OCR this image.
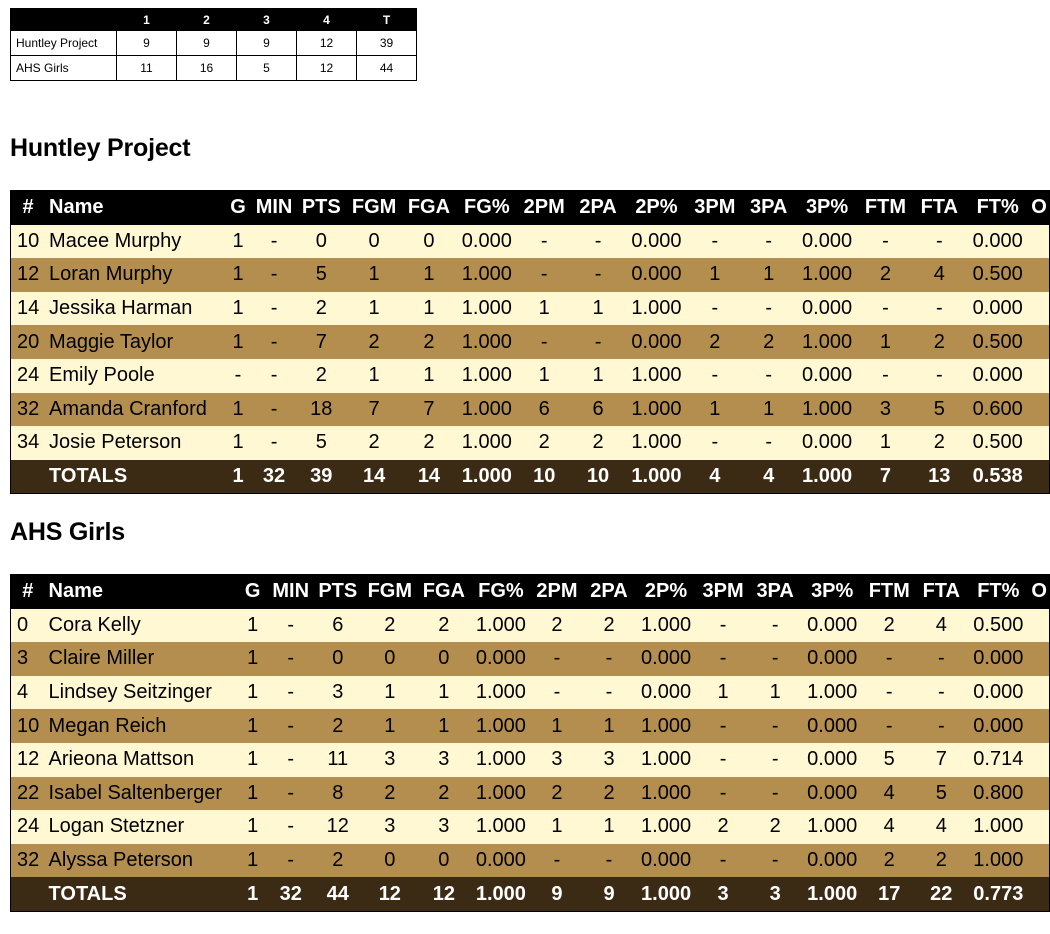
	1	2	3	4	T
Huntley Project	9	9	9	12	39
AHS Girls	11	16	5	12	44
Huntley Project
#	Name	G	MIN	PTS	FGM	FGA	FG%	2PM	2PA	2P%	3PM	3PA	3P%	FTM	FTA	FT%	O
10	Macee Murphy	1	-	0	0	0	0.000	-	-	0.000	-	-	0.000	-	-	0.000	
12	Loran Murphy	1	-	5	1	1	1.000	-	-	0.000	1	1	1.000	2	4	0.500	
14	Jessika Harman	1	-	2	1	1	1.000	1	1	1.000	-	-	0.000	-	-	0.000	
20	Maggie Taylor	1	-	7	2	2	1.000	-	-	0.000	2	2	1.000	1	2	0.500	
24	Emily Poole	-	-	2	1	1	1.000	1	1	1.000	-	-	0.000	-	-	0.000	
32	Amanda Cranford	1	-	18	7	7	1.000	6	6	1.000	1	1	1.000	3	5	0.600	
34	Josie Peterson	1	-	5	2	2	1.000	2	2	1.000	-	-	0.000	1	2	0.500	
	TOTALS	1	32	39	14	14	1.000	10	10	1.000	4	4	1.000	7	13	0.538	
AHS Girls
#	Name	G	MIN	PTS	FGM	FGA	FG%	2PM	2PA	2P%	3PM	3PA	3P%	FTM	FTA	FT%	O
0	Cora Kelly	1	-	6	2	2	1.000	2	2	1.000	-	-	0.000	2	4	0.500	
3	Claire Miller	1	-	0	0	0	0.000	-	-	0.000	-	-	0.000	-	-	0.000	
4	Lindsey Seitzinger	1	-	3	1	1	1.000	-	-	0.000	1	1	1.000	-	-	0.000	
10	Megan Reich	1	-	2	1	1	1.000	1	1	1.000	-	-	0.000	-	-	0.000	
12	Arieona Mattson	1	-	11	3	3	1.000	3	3	1.000	-	-	0.000	5	7	0.714	
22	Isabel Saltenberger	1	-	8	2	2	1.000	2	2	1.000	-	-	0.000	4	5	0.800	
24	Logan Stetzner	1	-	12	3	3	1.000	1	1	1.000	2	2	1.000	4	4	1.000	
32	Alyssa Peterson	1	-	2	0	0	0.000	-	-	0.000	-	-	0.000	2	2	1.000	
	TOTALS	1	32	44	12	12	1.000	9	9	1.000	3	3	1.000	17	22	0.773	
